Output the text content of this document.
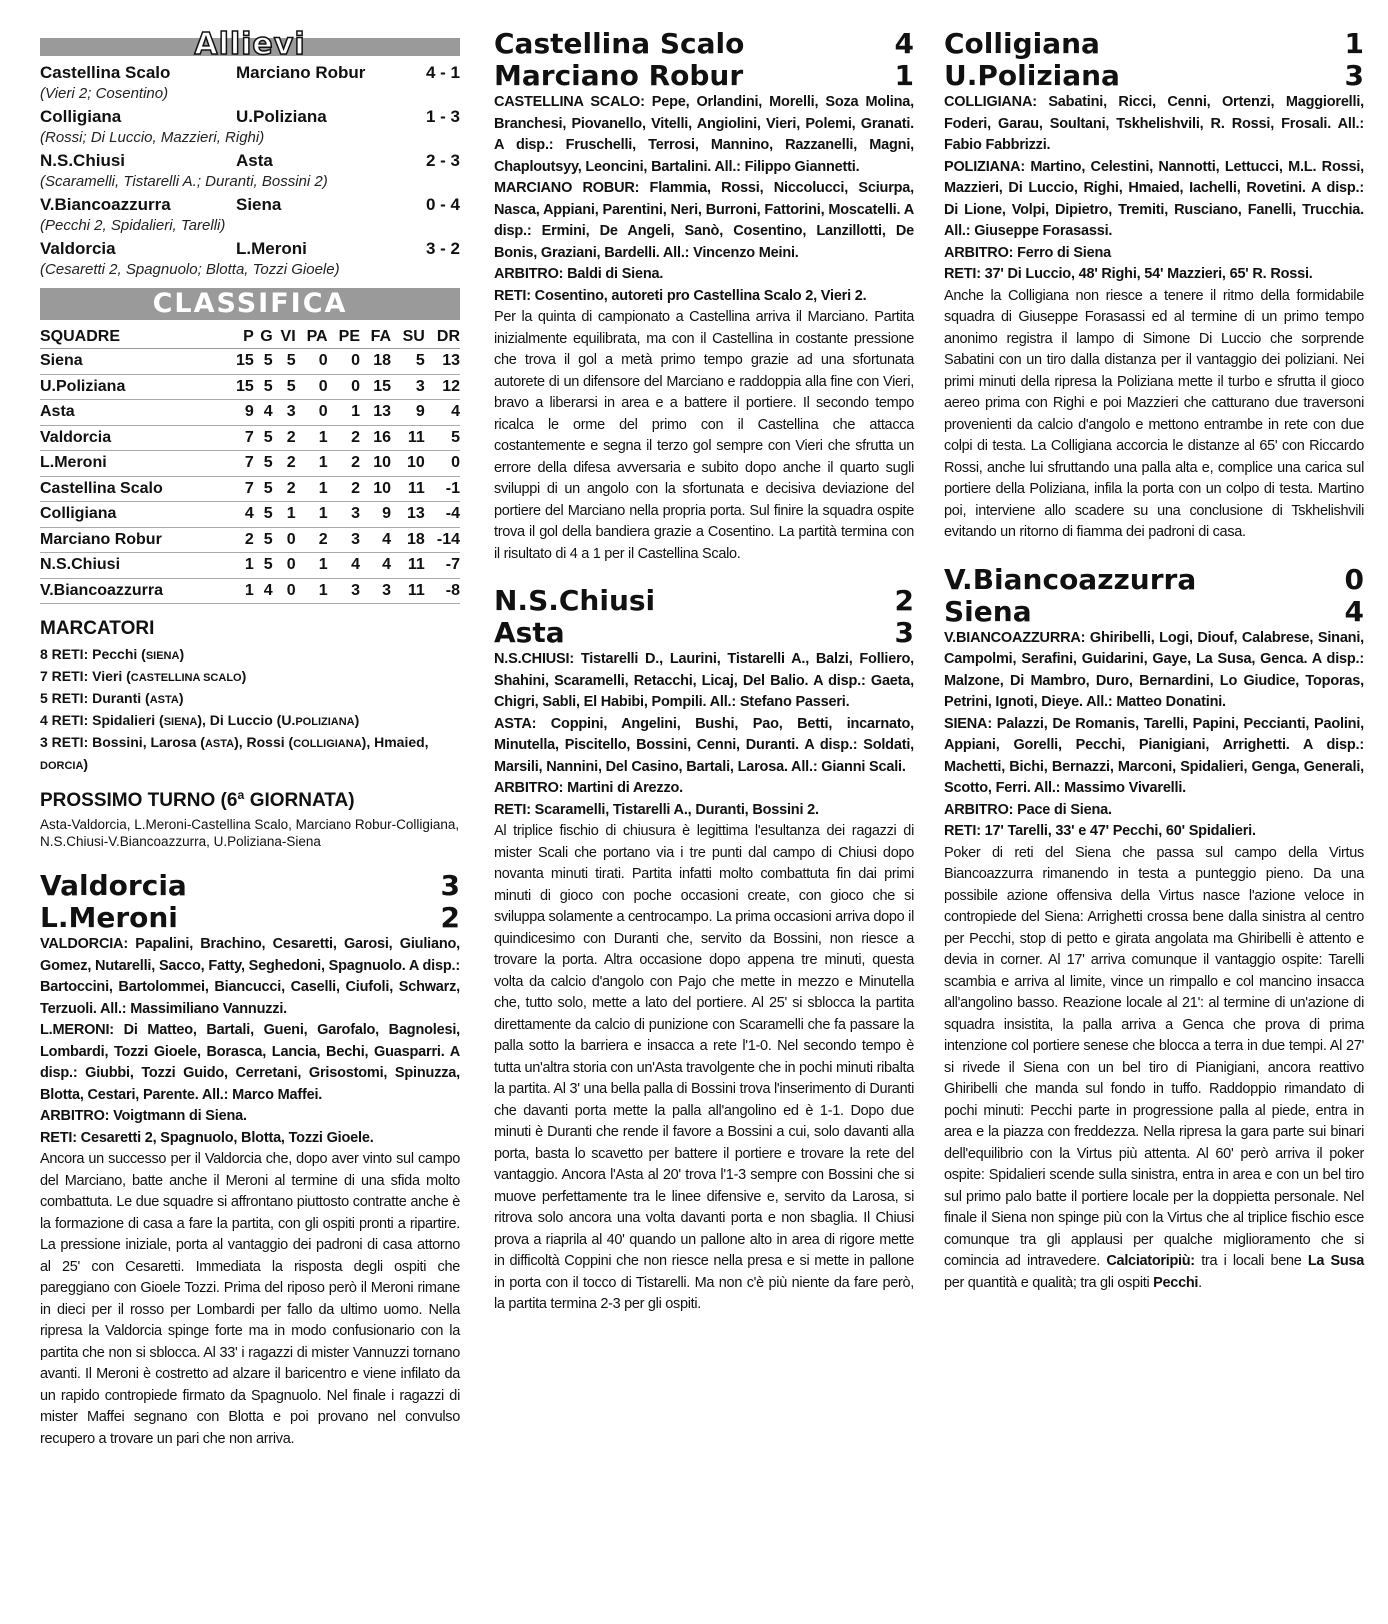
Allievi
Castellina Scalo	Marciano Robur	4 - 1
(Vieri 2; Cosentino)
Colligiana	U.Poliziana	1 - 3
(Rossi; Di Luccio, Mazzieri, Righi)
N.S.Chiusi	Asta	2 - 3
(Scaramelli, Tistarelli A.; Duranti, Bossini 2)
V.Biancoazzurra	Siena	0 - 4
(Pecchi 2, Spidalieri, Tarelli)
Valdorcia	L.Meroni	3 - 2
(Cesaretti 2, Spagnuolo; Blotta, Tozzi Gioele)
CLASSIFICA
SQUADRE	P	G	VI	PA	PE	FA	SU	DR
Siena	15	5	5	0	0	18	5	13
U.Poliziana	15	5	5	0	0	15	3	12
Asta	9	4	3	0	1	13	9	4
Valdorcia	7	5	2	1	2	16	11	5
L.Meroni	7	5	2	1	2	10	10	0
Castellina Scalo	7	5	2	1	2	10	11	-1
Colligiana	4	5	1	1	3	9	13	-4
Marciano Robur	2	5	0	2	3	4	18	-14
N.S.Chiusi	1	5	0	1	4	4	11	-7
V.Biancoazzurra	1	4	0	1	3	3	11	-8
MARCATORI
8 RETI: Pecchi (SIENA)
7 RETI: Vieri (CASTELLINA SCALO)
5 RETI: Duranti (ASTA)
4 RETI: Spidalieri (SIENA), Di Luccio (U.POLIZIANA)
3 RETI: Bossini, Larosa (ASTA), Rossi (COLLIGIANA), Hmaied, DORCIA)
PROSSIMO TURNO (6ª GIORNATA)
Asta-Valdorcia, L.Meroni-Castellina Scalo, Marciano Robur-Colligiana, N.S.Chiusi-V.Biancoazzurra, U.Poliziana-Siena
Valdorcia	3
L.Meroni	2
VALDORCIA: Papalini, Brachino, Cesaretti, Garosi, Giuliano, Gomez, Nutarelli, Sacco, Fatty, Seghedoni, Spagnuolo. A disp.: Bartoccini, Bartolommei, Biancucci, Caselli, Ciufoli, Schwarz, Terzuoli. All.: Massimiliano Vannuzzi.
L.MERONI: Di Matteo, Bartali, Gueni, Garofalo, Bagnolesi, Lombardi, Tozzi Gioele, Borasca, Lancia, Bechi, Guasparri. A disp.: Giubbi, Tozzi Guido, Cerretani, Grisostomi, Spinuzza, Blotta, Cestari, Parente. All.: Marco Maffei.
ARBITRO: Voigtmann di Siena.
RETI: Cesaretti 2, Spagnuolo, Blotta, Tozzi Gioele.
Ancora un successo per il Valdorcia che, dopo aver vinto sul campo del Marciano, batte anche il Meroni al termine di una sfida molto combattuta. Le due squadre si affrontano piuttosto contratte anche è la formazione di casa a fare la partita, con gli ospiti pronti a ripartire. La pressione iniziale, porta al vantaggio dei padroni di casa attorno al 25' con Cesaretti. Immediata la risposta degli ospiti che pareggiano con Gioele Tozzi. Prima del riposo però il Meroni rimane in dieci per il rosso per Lombardi per fallo da ultimo uomo. Nella ripresa la Valdorcia spinge forte ma in modo confusionario con la partita che non si sblocca. Al 33' i ragazzi di mister Vannuzzi tornano avanti. Il Meroni è costretto ad alzare il baricentro e viene infilato da un rapido contropiede firmato da Spagnuolo. Nel finale i ragazzi di mister Maffei segnano con Blotta e poi provano nel convulso recupero a trovare un pari che non arriva.
Castellina Scalo	4
Marciano Robur	1
CASTELLINA SCALO: Pepe, Orlandini, Morelli, Soza Molina, Branchesi, Piovanello, Vitelli, Angiolini, Vieri, Polemi, Granati. A disp.: Fruschelli, Terrosi, Mannino, Razzanelli, Magni, Chaploutsyy, Leoncini, Bartalini. All.: Filippo Giannetti.
MARCIANO ROBUR: Flammia, Rossi, Niccolucci, Sciurpa, Nasca, Appiani, Parentini, Neri, Burroni, Fattorini, Moscatelli. A disp.: Ermini, De Angeli, Sanò, Cosentino, Lanzillotti, De Bonis, Graziani, Bardelli. All.: Vincenzo Meini.
ARBITRO: Baldi di Siena.
RETI: Cosentino, autoreti pro Castellina Scalo 2, Vieri 2.
Per la quinta di campionato a Castellina arriva il Marciano. Partita inizialmente equilibrata, ma con il Castellina in costante pressione che trova il gol a metà primo tempo grazie ad una sfortunata autorete di un difensore del Marciano e raddoppia alla fine con Vieri, bravo a liberarsi in area e a battere il portiere. Il secondo tempo ricalca le orme del primo con il Castellina che attacca costantemente e segna il terzo gol sempre con Vieri che sfrutta un errore della difesa avversaria e subito dopo anche il quarto sugli sviluppi di un angolo con la sfortunata e decisiva deviazione del portiere del Marciano nella propria porta. Sul finire la squadra ospite trova il gol della bandiera grazie a Cosentino. La partità termina con il risultato di 4 a 1 per il Castellina Scalo.
N.S.Chiusi	2
Asta	3
N.S.CHIUSI: Tistarelli D., Laurini, Tistarelli A., Balzi, Folliero, Shahini, Scaramelli, Retacchi, Licaj, Del Balio. A disp.: Gaeta, Chigri, Sabli, El Habibi, Pompili. All.: Stefano Passeri.
ASTA: Coppini, Angelini, Bushi, Pao, Betti, incarnato, Minutella, Piscitello, Bossini, Cenni, Duranti. A disp.: Soldati, Marsili, Nannini, Del Casino, Bartali, Larosa. All.: Gianni Scali.
ARBITRO: Martini di Arezzo.
RETI: Scaramelli, Tistarelli A., Duranti, Bossini 2.
Al triplice fischio di chiusura è legittima l'esultanza dei ragazzi di mister Scali che portano via i tre punti dal campo di Chiusi dopo novanta minuti tirati. Partita infatti molto combattuta fin dai primi minuti di gioco con poche occasioni create, con gioco che si sviluppa solamente a centrocampo. La prima occasioni arriva dopo il quindicesimo con Duranti che, servito da Bossini, non riesce a trovare la porta. Altra occasione dopo appena tre minuti, questa volta da calcio d'angolo con Pajo che mette in mezzo e Minutella che, tutto solo, mette a lato del portiere. Al 25' si sblocca la partita direttamente da calcio di punizione con Scaramelli che fa passare la palla sotto la barriera e insacca a rete l'1-0. Nel secondo tempo è tutta un'altra storia con un'Asta travolgente che in pochi minuti ribalta la partita. Al 3' una bella palla di Bossini trova l'inserimento di Duranti che davanti porta mette la palla all'angolino ed è 1-1. Dopo due minuti è Duranti che rende il favore a Bossini a cui, solo davanti alla porta, basta lo scavetto per battere il portiere e trovare la rete del vantaggio. Ancora l'Asta al 20' trova l'1-3 sempre con Bossini che si muove perfettamente tra le linee difensive e, servito da Larosa, si ritrova solo ancora una volta davanti porta e non sbaglia. Il Chiusi prova a riaprila al 40' quando un pallone alto in area di rigore mette in difficoltà Coppini che non riesce nella presa e si mette in pallone in porta con il tocco di Tistarelli. Ma non c'è più niente da fare però, la partita termina 2-3 per gli ospiti.
Colligiana	1
U.Poliziana	3
COLLIGIANA: Sabatini, Ricci, Cenni, Ortenzi, Maggiorelli, Foderi, Garau, Soultani, Tskhelishvili, R. Rossi, Frosali. All.: Fabio Fabbrizzi.
POLIZIANA: Martino, Celestini, Nannotti, Lettucci, M.L. Rossi, Mazzieri, Di Luccio, Righi, Hmaied, Iachelli, Rovetini. A disp.: Di Lione, Volpi, Dipietro, Tremiti, Rusciano, Fanelli, Trucchia. All.: Giuseppe Forasassi.
ARBITRO: Ferro di Siena
RETI: 37' Di Luccio, 48' Righi, 54' Mazzieri, 65' R. Rossi.
Anche la Colligiana non riesce a tenere il ritmo della formidabile squadra di Giuseppe Forasassi ed al termine di un primo tempo anonimo registra il lampo di Simone Di Luccio che sorprende Sabatini con un tiro dalla distanza per il vantaggio dei poliziani. Nei primi minuti della ripresa la Poliziana mette il turbo e sfrutta il gioco aereo prima con Righi e poi Mazzieri che catturano due traversoni provenienti da calcio d'angolo e mettono entrambe in rete con due colpi di testa. La Colligiana accorcia le distanze al 65' con Riccardo Rossi, anche lui sfruttando una palla alta e, complice una carica sul portiere della Poliziana, infila la porta con un colpo di testa. Martino poi, interviene allo scadere su una conclusione di Tskhelishvili evitando un ritorno di fiamma dei padroni di casa.
V.Biancoazzurra	0
Siena	4
V.BIANCOAZZURRA: Ghiribelli, Logi, Diouf, Calabrese, Sinani, Campolmi, Serafini, Guidarini, Gaye, La Susa, Genca. A disp.: Malzone, Di Mambro, Duro, Bernardini, Lo Giudice, Toporas, Petrini, Ignoti, Dieye. All.: Matteo Donatini.
SIENA: Palazzi, De Romanis, Tarelli, Papini, Peccianti, Paolini, Appiani, Gorelli, Pecchi, Pianigiani, Arrighetti. A disp.: Machetti, Bichi, Bernazzi, Marconi, Spidalieri, Genga, Generali, Scotto, Ferri. All.: Massimo Vivarelli.
ARBITRO: Pace di Siena.
RETI: 17' Tarelli, 33' e 47' Pecchi, 60' Spidalieri.
Poker di reti del Siena che passa sul campo della Virtus Biancoazzurra rimanendo in testa a punteggio pieno. Da una possibile azione offensiva della Virtus nasce l'azione veloce in contropiede del Siena: Arrighetti crossa bene dalla sinistra al centro per Pecchi, stop di petto e girata angolata ma Ghiribelli è attento e devia in corner. Al 17' arriva comunque il vantaggio ospite: Tarelli scambia e arriva al limite, vince un rimpallo e col mancino insacca all'angolino basso. Reazione locale al 21': al termine di un'azione di squadra insistita, la palla arriva a Genca che prova di prima intenzione col portiere senese che blocca a terra in due tempi. Al 27' si rivede il Siena con un bel tiro di Pianigiani, ancora reattivo Ghiribelli che manda sul fondo in tuffo. Raddoppio rimandato di pochi minuti: Pecchi parte in progressione palla al piede, entra in area e la piazza con freddezza. Nella ripresa la gara parte sui binari dell'equilibrio con la Virtus più attenta. Al 60' però arriva il poker ospite: Spidalieri scende sulla sinistra, entra in area e con un bel tiro sul primo palo batte il portiere locale per la doppietta personale. Nel finale il Siena non spinge più con la Virtus che al triplice fischio esce comunque tra gli applausi per qualche miglioramento che si comincia ad intravedere. Calciatoripiù: tra i locali bene La Susa per quantità e qualità; tra gli ospiti Pecchi.
